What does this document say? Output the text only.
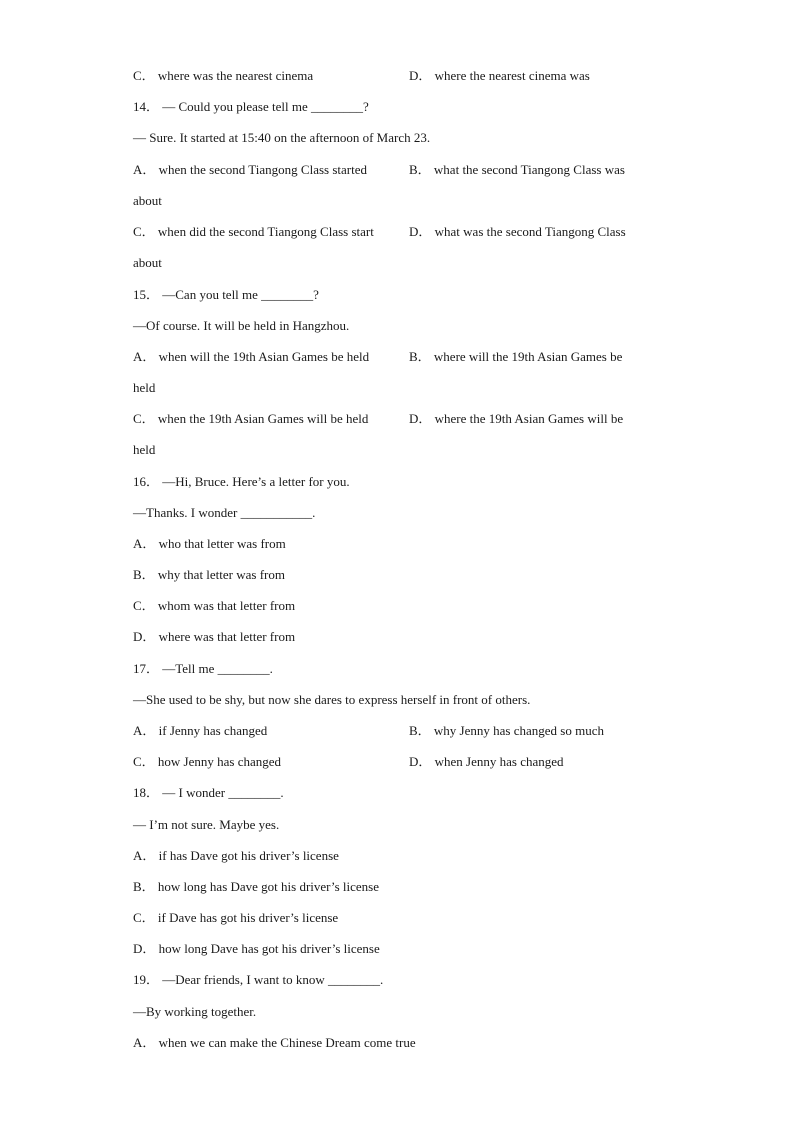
C． where was the nearest cinema	D． where the nearest cinema was
14． — Could you please tell me ________?
— Sure. It started at 15:40 on the afternoon of March 23.
A． when the second Tiangong Class started	B． what the second Tiangong Class was
about
C． when did the second Tiangong Class start	D． what was the second Tiangong Class
about
15． —Can you tell me ________?
—Of course. It will be held in Hangzhou.
A． when will the 19th Asian Games be held	B． where will the 19th Asian Games be
held
C． when the 19th Asian Games will be held	D． where the 19th Asian Games will be
held
16． —Hi, Bruce. Here’s a letter for you.
—Thanks. I wonder ___________.
A． who that letter was from
B． why that letter was from
C． whom was that letter from
D． where was that letter from
17． —Tell me ________.
—She used to be shy, but now she dares to express herself in front of others.
A． if Jenny has changed	B． why Jenny has changed so much
C． how Jenny has changed	D． when Jenny has changed
18． — I wonder ________.
— I’m not sure. Maybe yes.
A． if has Dave got his driver’s license
B． how long has Dave got his driver’s license
C． if Dave has got his driver’s license
D． how long Dave has got his driver’s license
19． —Dear friends, I want to know ________.
—By working together.
A． when we can make the Chinese Dream come true
